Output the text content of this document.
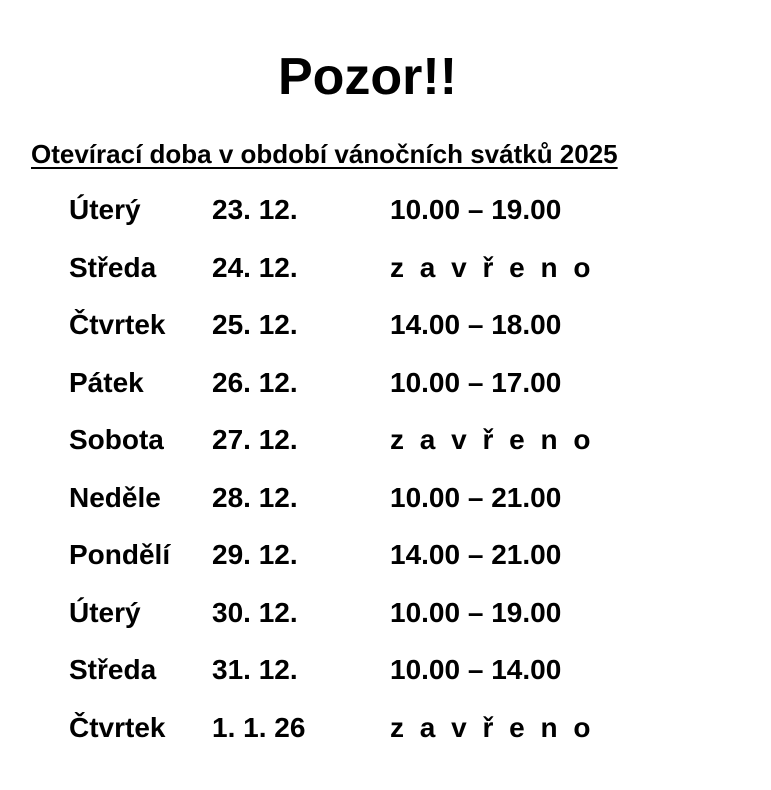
Pozor!!
Otevírací doba v období vánočních svátků 2025
Úterý	23. 12.	10.00 – 19.00
Středa 24. 12.	z a v ř e n o
Čtvrtek 25. 12.	14.00 – 18.00
Pátek 26. 12.	10.00 – 17.00
Sobota 27. 12.	z a v ř e n o
Neděle 28. 12.	10.00 – 21.00
Pondělí 29. 12.	14.00 – 21.00
Úterý	30. 12.	10.00 – 19.00
Středa 31. 12.	10.00 – 14.00
Čtvrtek 1. 1. 26	z a v ř e n o
